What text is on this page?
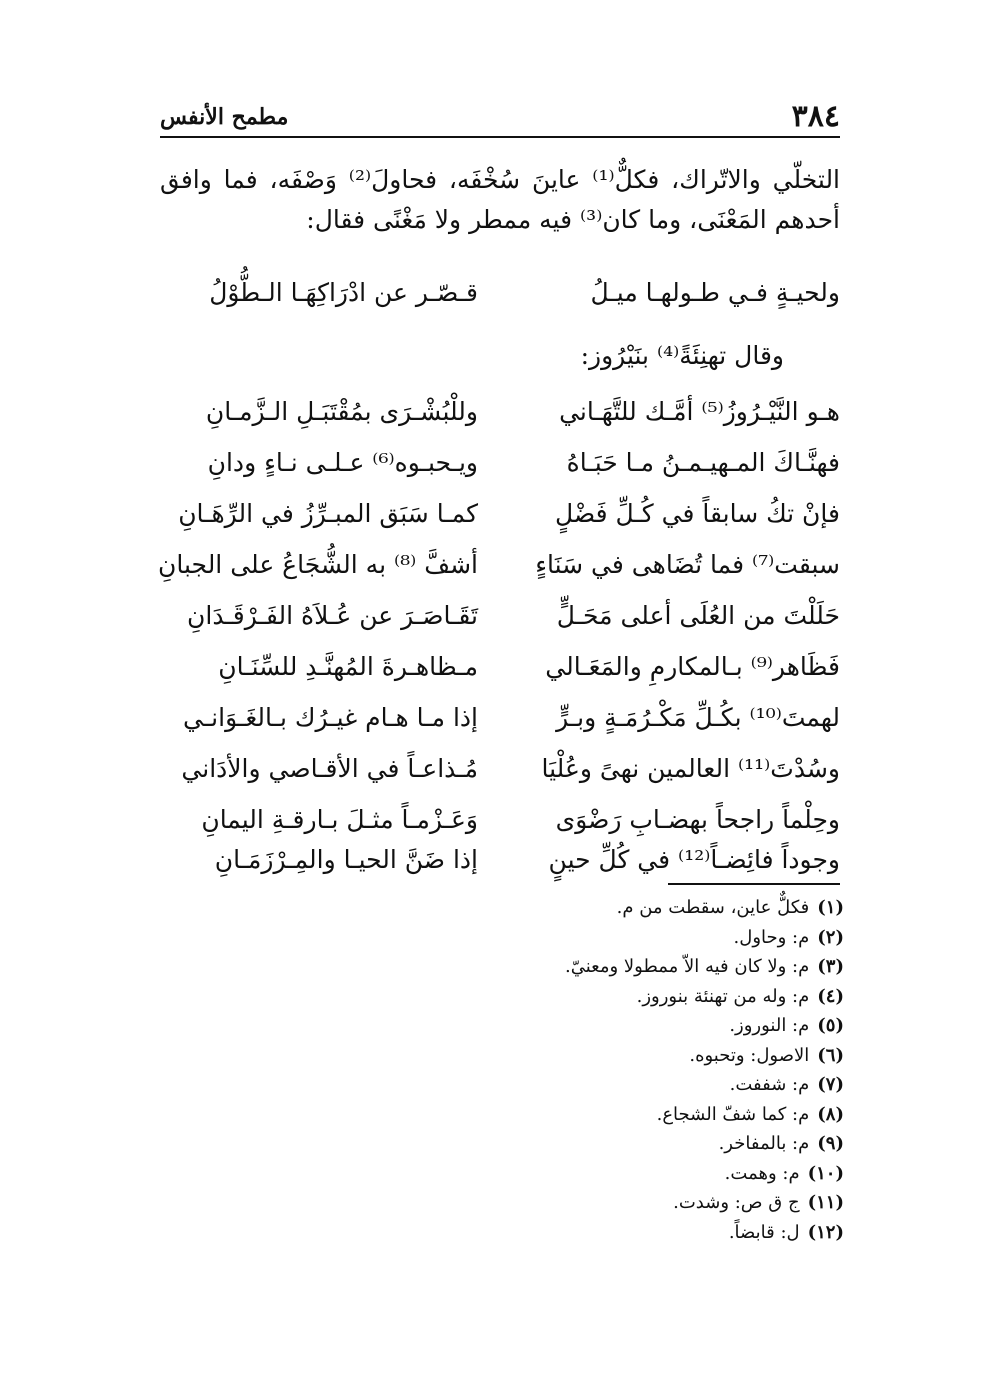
٣٨٤
مطمح الأنفس

التخلّي والاتّراك، فكلٌّ⁽¹⁾ عاينَ سُخْفَه، فحاولَ⁽²⁾ وَصْفَه، فما وافق أحدهم المَعْنَى، وما كان⁽³⁾ فيه ممطر ولا مَغْنًى فقال:

ولحيـةٍ فـي طـولهـا ميـلُ
قـصّـر عن ادْرَاكِهَـا الـطُّوْلُ
وقال تهنِئَةً⁽⁴⁾ بنَيْرُوز:
هـو النَّيْـرُوزُ⁽⁵⁾ أمَّـك للتَّهَـاني
وللْبُشْـرَى بمُقْتَبَـلِ الـزَّمـانِ
فهنَّـاكَ المـهيـمـنُ مـا حَبَـاهُ
ويـحبـوه⁽⁶⁾ عـلـى نـاءٍ ودانِ
فإنْ تكُ سابقاً في كُـلِّ فَضْلٍ
كمـا سَبَق المبـرِّزُ في الرِّهَـانِ
سبقت⁽⁷⁾ فما تُضَاهى في سَنَاءٍ
أشفَّ ⁽⁸⁾ به الشُّجَاعُ على الجبانِ
حَلَلْتَ من العُلَى أعلى مَحَـلٍّ
تَقَـاصَـرَ عن عُـلاَهُ الفَـرْقَـدَانِ
فَظَاهر⁽⁹⁾ بـالمكارمِ والمَعَـالي
مـظاهـرةَ المُهنَّـدِ للسِّنَـانِ
لهمتَ⁽¹⁰⁾ بكُـلِّ مَكْـرُمَـةٍ وبـرٍّ
إذا مـا هـام غيـرُك بـالغَـوَانـي
وسُدْتَ⁽¹¹⁾ العالمين نهىً وعُلْيَا
مُـذاعـاً في الأقـاصي والأدَاني
وحِلْماً راجحاً بهضـابِ رَضْوَى
وَعَـزْمـاً مثـلَ بـارقـةِ اليمانِ
وجوداً فائِضـاً⁽¹²⁾ في كُلِّ حينٍ
إذا ضَنَّ الحيـا والمِـرْزَمَـانِ
(١)
فكلٌّ عاين، سقطت من م.
(٢)
م: وحاول.
(٣)
م: ولا كان فيه الاّ ممطولا ومعنيّ.
(٤)
م: وله من تهنئة بنوروز.
(٥)
م: النوروز.
(٦)
الاصول: وتحبوه.
(٧)
م: شففت.
(٨)
م: كما شفّ الشجاع.
(٩)
م: بالمفاخر.
(١٠)
م: وهمت.
(١١)
ج ق ص: وشدت.
(١٢)
ل: قابضاً.
